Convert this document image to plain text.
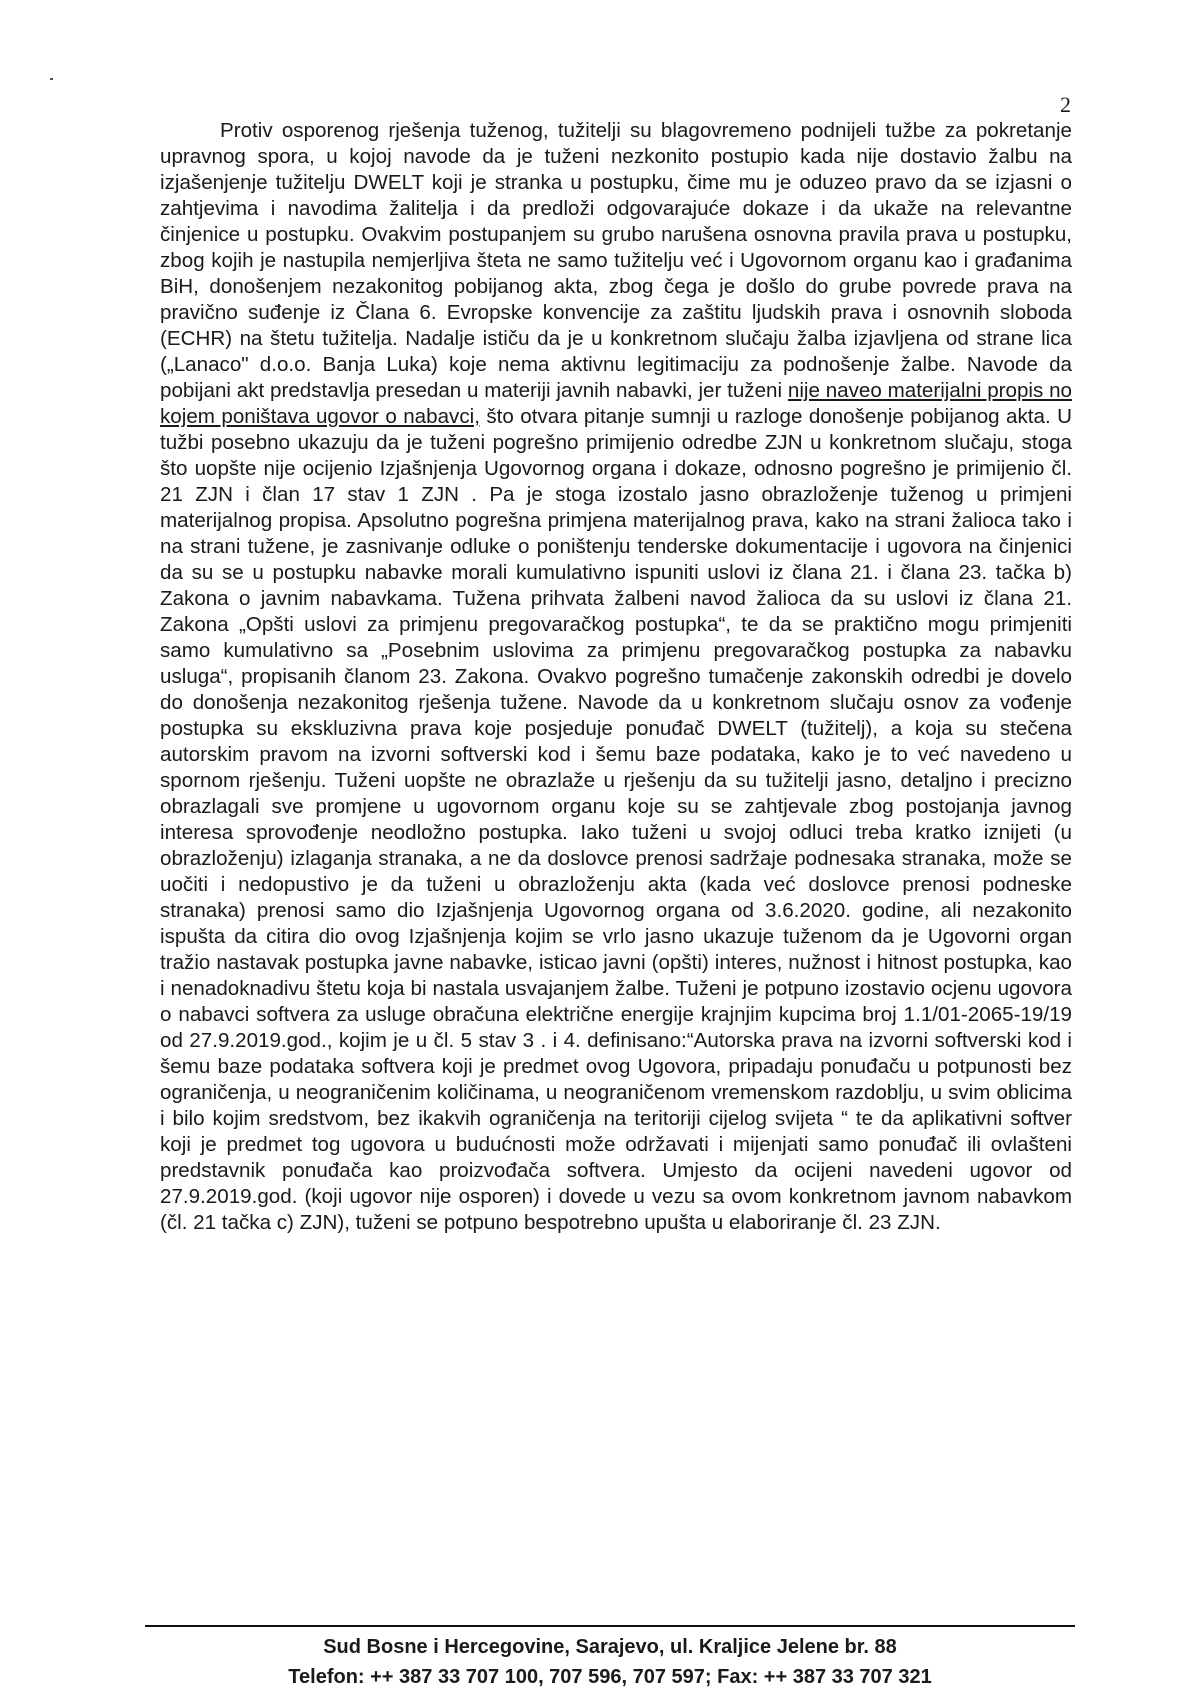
2

Protiv osporenog rješenja tuženog, tužitelji su blagovremeno podnijeli tužbe za pokretanje upravnog spora, u kojoj navode da je tuženi nezkonito postupio kada nije dostavio žalbu na izjašenjenje tužitelju DWELT koji je stranka u postupku, čime mu je oduzeo pravo da se izjasni o zahtjevima i navodima žalitelja i da predloži odgovarajuće dokaze i da ukaže na relevantne činjenice u postupku. Ovakvim postupanjem su grubo narušena osnovna pravila prava u postupku, zbog kojih je nastupila nemjerljiva šteta ne samo tužitelju već i Ugovornom organu kao i građanima BiH, donošenjem nezakonitog pobijanog akta, zbog čega je došlo do grube povrede prava na pravično suđenje iz Člana 6. Evropske konvencije za zaštitu ljudskih prava i osnovnih sloboda (ECHR) na štetu tužitelja. Nadalje ističu da je u konkretnom slučaju žalba izjavljena od strane lica („Lanaco" d.o.o. Banja Luka) koje nema aktivnu legitimaciju za podnošenje žalbe. Navode da pobijani akt predstavlja presedan u materiji javnih nabavki, jer tuženi nije naveo materijalni propis no kojem poništava ugovor o nabavci, što otvara pitanje sumnji u razloge donošenje pobijanog akta. U tužbi posebno ukazuju da je tuženi pogrešno primijenio odredbe ZJN u konkretnom slučaju, stoga što uopšte nije ocijenio Izjašnjenja Ugovornog organa i dokaze, odnosno pogrešno je primijenio čl. 21 ZJN i član 17 stav 1 ZJN . Pa je stoga izostalo jasno obrazloženje tuženog u primjeni materijalnog propisa. Apsolutno pogrešna primjena materijalnog prava, kako na strani žalioca tako i na strani tužene, je zasnivanje odluke o poništenju tenderske dokumentacije i ugovora na činjenici da su se u postupku nabavke morali kumulativno ispuniti uslovi iz člana 21. i člana 23. tačka b) Zakona o javnim nabavkama. Tužena prihvata žalbeni navod žalioca da su uslovi iz člana 21. Zakona „Opšti uslovi za primjenu pregovaračkog postupka“, te da se praktično mogu primjeniti samo kumulativno sa „Posebnim uslovima za primjenu pregovaračkog postupka za nabavku usluga“, propisanih članom 23. Zakona. Ovakvo pogrešno tumačenje zakonskih odredbi je dovelo do donošenja nezakonitog rješenja tužene. Navode da u konkretnom slučaju osnov za vođenje postupka su ekskluzivna prava koje posjeduje ponuđač DWELT (tužitelj), a koja su stečena autorskim pravom na izvorni softverski kod i šemu baze podataka, kako je to već navedeno u spornom rješenju. Tuženi uopšte ne obrazlaže u rješenju da su tužitelji jasno, detaljno i precizno obrazlagali sve promjene u ugovornom organu koje su se zahtjevale zbog postojanja javnog interesa sprovođenje neodložno postupka. Iako tuženi u svojoj odluci treba kratko iznijeti (u obrazloženju) izlaganja stranaka, a ne da doslovce prenosi sadržaje podnesaka stranaka, može se uočiti i nedopustivo je da tuženi u obrazloženju akta (kada već doslovce prenosi podneske stranaka) prenosi samo dio Izjašnjenja Ugovornog organa od 3.6.2020. godine, ali nezakonito ispušta da citira dio ovog Izjašnjenja kojim se vrlo jasno ukazuje tuženom da je Ugovorni organ tražio nastavak postupka javne nabavke, isticao javni (opšti) interes, nužnost i hitnost postupka, kao i nenadoknadivu štetu koja bi nastala usvajanjem žalbe. Tuženi je potpuno izostavio ocjenu ugovora o nabavci softvera za usluge obračuna električne energije krajnjim kupcima broj 1.1/01-2065-19/19 od 27.9.2019.god., kojim je u čl. 5 stav 3 . i 4. definisano:“Autorska prava na izvorni softverski kod i šemu baze podataka softvera koji je predmet ovog Ugovora, pripadaju ponuđaču u potpunosti bez ograničenja, u neograničenim količinama, u neograničenom vremenskom razdoblju, u svim oblicima i bilo kojim sredstvom, bez ikakvih ograničenja na teritoriji cijelog svijeta “ te da aplikativni softver koji je predmet tog ugovora u budućnosti može održavati i mijenjati samo ponuđač ili ovlašteni predstavnik ponuđača kao proizvođača softvera. Umjesto da ocijeni navedeni ugovor od 27.9.2019.god. (koji ugovor nije osporen) i dovede u vezu sa ovom konkretnom javnom nabavkom (čl. 21 tačka c) ZJN), tuženi se potpuno bespotrebno upušta u elaboriranje čl. 23 ZJN.

Sud Bosne i Hercegovine, Sarajevo, ul. Kraljice Jelene br. 88
Telefon: ++ 387 33 707 100, 707 596, 707 597; Fax: ++ 387 33 707 321
